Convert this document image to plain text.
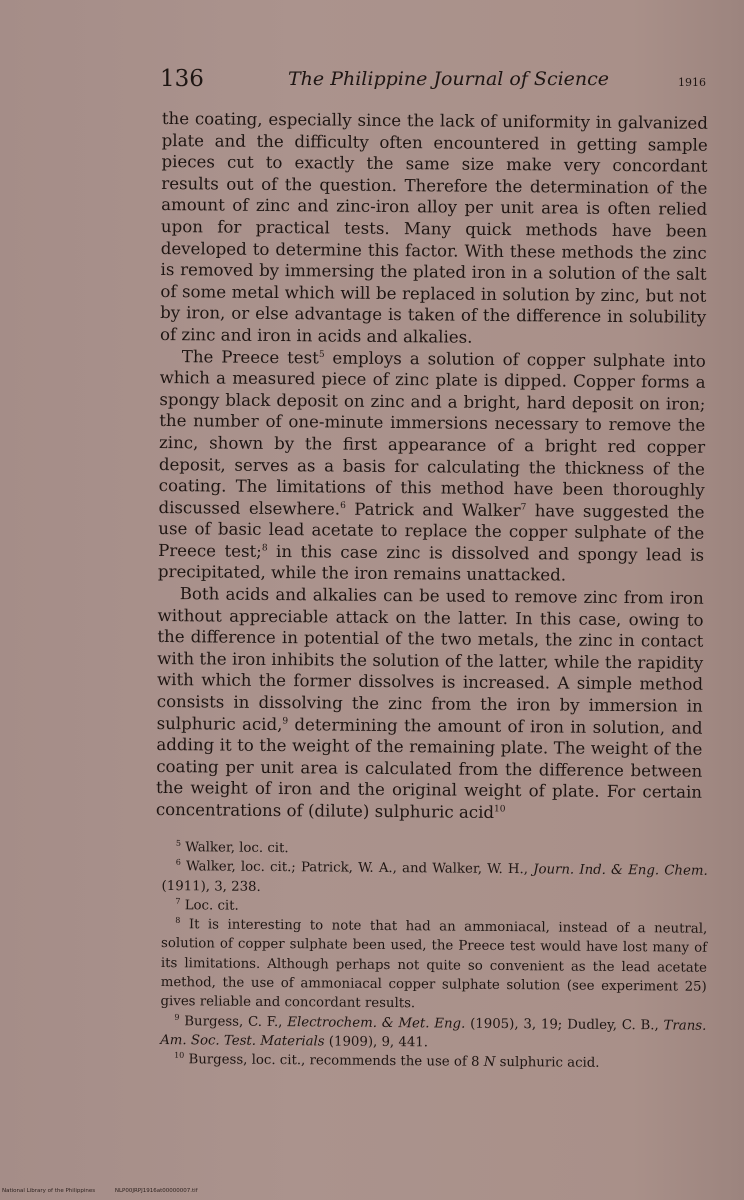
136	The Philippine Journal of Science	1916

the coating, especially since the lack of uniformity in galvanized plate and the difficulty often encountered in getting sample pieces cut to exactly the same size make very concordant results out of the question. Therefore the determination of the amount of zinc and zinc-iron alloy per unit area is often relied upon for practical tests. Many quick methods have been developed to determine this factor. With these methods the zinc is removed by immersing the plated iron in a solution of the salt of some metal which will be replaced in solution by zinc, but not by iron, or else advantage is taken of the difference in solubility of zinc and iron in acids and alkalies.

The Preece test$^5$ employs a solution of copper sulphate into which a measured piece of zinc plate is dipped. Copper forms a spongy black deposit on zinc and a bright, hard deposit on iron; the number of one-minute immersions necessary to remove the zinc, shown by the first appearance of a bright red copper deposit, serves as a basis for calculating the thickness of the coating. The limitations of this method have been thoroughly discussed elsewhere.$^6$ Patrick and Walker$^7$ have suggested the use of basic lead acetate to replace the copper sulphate of the Preece test;$^8$ in this case zinc is dissolved and spongy lead is precipitated, while the iron remains unattacked.

Both acids and alkalies can be used to remove zinc from iron without appreciable attack on the latter. In this case, owing to the difference in potential of the two metals, the zinc in contact with the iron inhibits the solution of the latter, while the rapidity with which the former dissolves is increased. A simple method consists in dissolving the zinc from the iron by immersion in sulphuric acid,$^9$ determining the amount of iron in solution, and adding it to the weight of the remaining plate. The weight of the coating per unit area is calculated from the difference between the weight of iron and the original weight of plate. For certain concentrations of (dilute) sulphuric acid$^{10}$

$^5$ Walker, loc. cit.

$^6$ Walker, loc. cit.; Patrick, W. A., and Walker, W. H., Journ. Ind. & Eng. Chem. (1911), 3, 238.

$^7$ Loc. cit.

$^8$ It is interesting to note that had an ammoniacal, instead of a neutral, solution of copper sulphate been used, the Preece test would have lost many of its limitations. Although perhaps not quite so convenient as the lead acetate method, the use of ammoniacal copper sulphate solution (see experiment 25) gives reliable and concordant results.

$^9$ Burgess, C. F., Electrochem. & Met. Eng. (1905), 3, 19; Dudley, C. B., Trans. Am. Soc. Test. Materials (1909), 9, 441.

$^{10}$ Burgess, loc. cit., recommends the use of 8 N sulphuric acid.

National Library of the Philippines	NLP00JRPJ1916at00000007.tif
